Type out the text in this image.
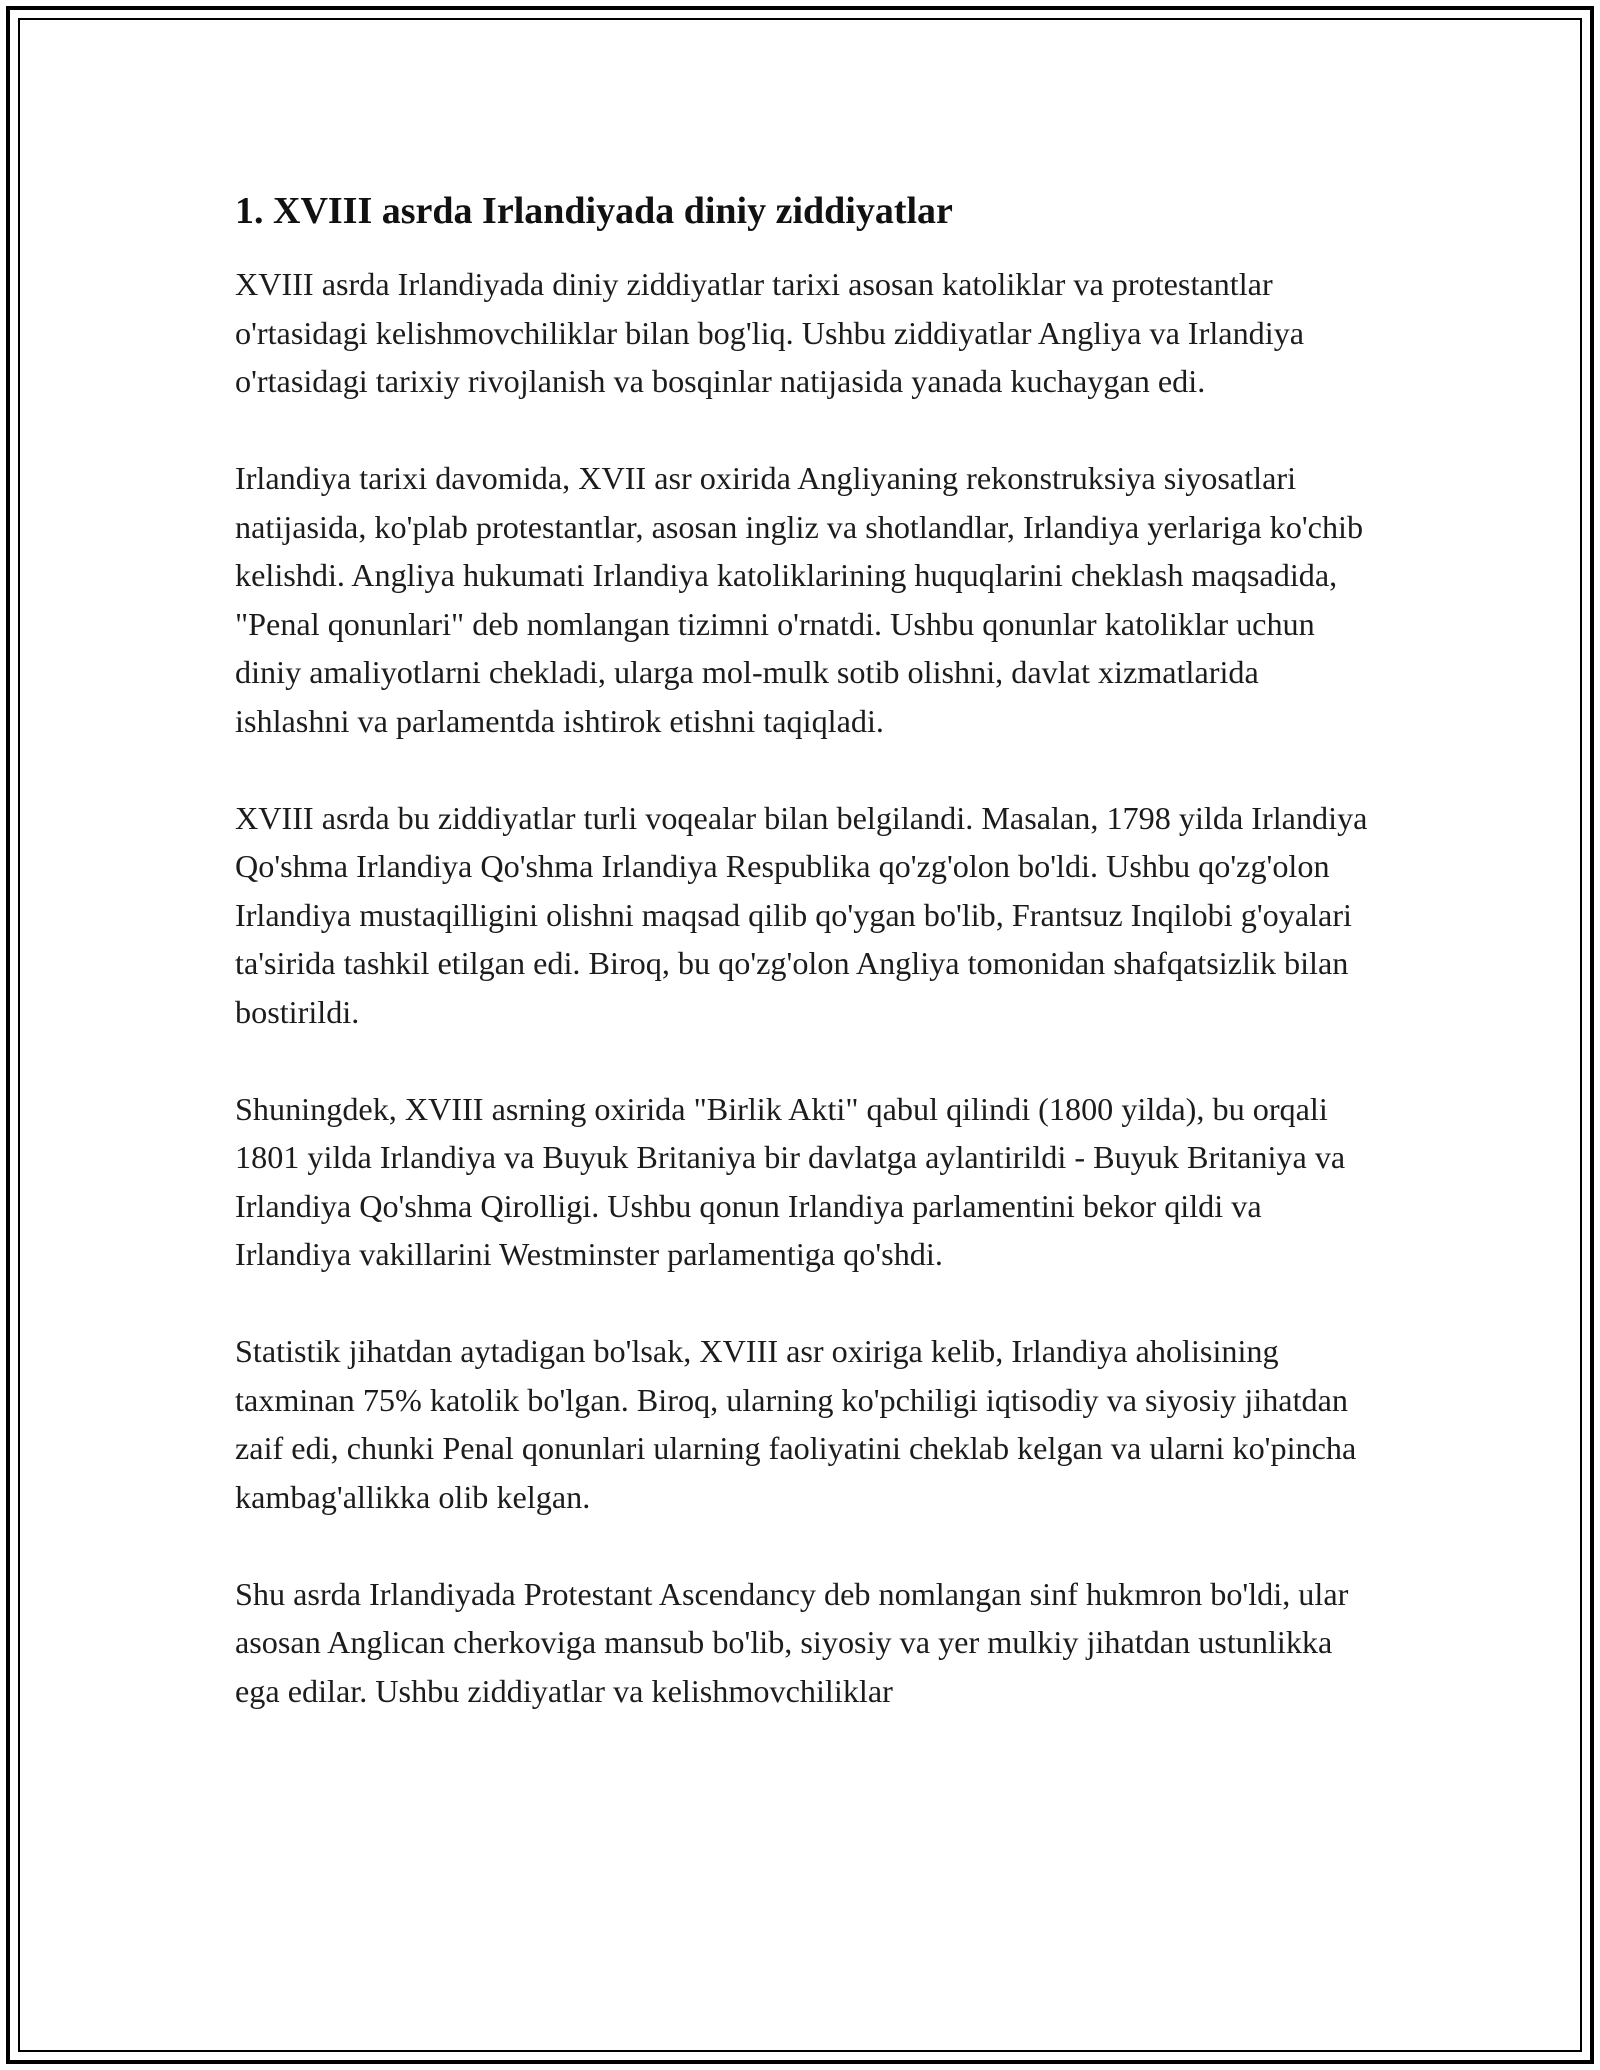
1. XVIII asrda Irlandiyada diniy ziddiyatlar

XVIII asrda Irlandiyada diniy ziddiyatlar tarixi asosan katoliklar va protestantlar o'rtasidagi kelishmovchiliklar bilan bog'liq. Ushbu ziddiyatlar Angliya va Irlandiya o'rtasidagi tarixiy rivojlanish va bosqinlar natijasida yanada kuchaygan edi.

Irlandiya tarixi davomida, XVII asr oxirida Angliyaning rekonstruksiya siyosatlari natijasida, ko'plab protestantlar, asosan ingliz va shotlandlar, Irlandiya yerlariga ko'chib kelishdi. Angliya hukumati Irlandiya katoliklarining huquqlarini cheklash maqsadida, "Penal qonunlari" deb nomlangan tizimni o'rnatdi. Ushbu qonunlar katoliklar uchun diniy amaliyotlarni chekladi, ularga mol-mulk sotib olishni, davlat xizmatlarida ishlashni va parlamentda ishtirok etishni taqiqladi.

XVIII asrda bu ziddiyatlar turli voqealar bilan belgilandi. Masalan, 1798 yilda Irlandiya Qo'shma Irlandiya Qo'shma Irlandiya Respublika qo'zg'olon bo'ldi. Ushbu qo'zg'olon Irlandiya mustaqilligini olishni maqsad qilib qo'ygan bo'lib, Frantsuz Inqilobi g'oyalari ta'sirida tashkil etilgan edi. Biroq, bu qo'zg'olon Angliya tomonidan shafqatsizlik bilan bostirildi.

Shuningdek, XVIII asrning oxirida "Birlik Akti" qabul qilindi (1800 yilda), bu orqali 1801 yilda Irlandiya va Buyuk Britaniya bir davlatga aylantirildi - Buyuk Britaniya va Irlandiya Qo'shma Qirolligi. Ushbu qonun Irlandiya parlamentini bekor qildi va Irlandiya vakillarini Westminster parlamentiga qo'shdi.

Statistik jihatdan aytadigan bo'lsak, XVIII asr oxiriga kelib, Irlandiya aholisining taxminan 75% katolik bo'lgan. Biroq, ularning ko'pchiligi iqtisodiy va siyosiy jihatdan zaif edi, chunki Penal qonunlari ularning faoliyatini cheklab kelgan va ularni ko'pincha kambag'allikka olib kelgan.

Shu asrda Irlandiyada Protestant Ascendancy deb nomlangan sinf hukmron bo'ldi, ular asosan Anglican cherkoviga mansub bo'lib, siyosiy va yer mulkiy jihatdan ustunlikka ega edilar. Ushbu ziddiyatlar va kelishmovchiliklar
